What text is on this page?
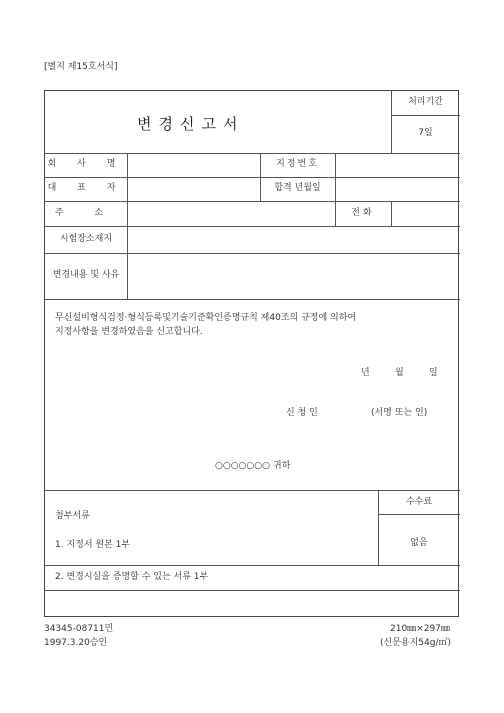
[별지 제15호서식]
변경신고서
처리기간
7일
회 사 명	지정번호
대 표 자	합격 년월일
주 소	전화
시험장소재지
변경내용 및 사유
무신설비형식검정·형식등록및기술기준확인증명규칙 제40조의 규정에 의하여
지정사항을 변경하였음을 신고합니다.
년	월	일
신 청 인	(서명 또는 인)
○○○○○○○ 귀하
첨부서류
1. 지정서 원본 1부
2. 변경시실을 증명할 수 있는 서류 1부
수수료
없음
34345-08711민
1997.3.20승인
210㎜×297㎜
(신문용지54g/㎡)
